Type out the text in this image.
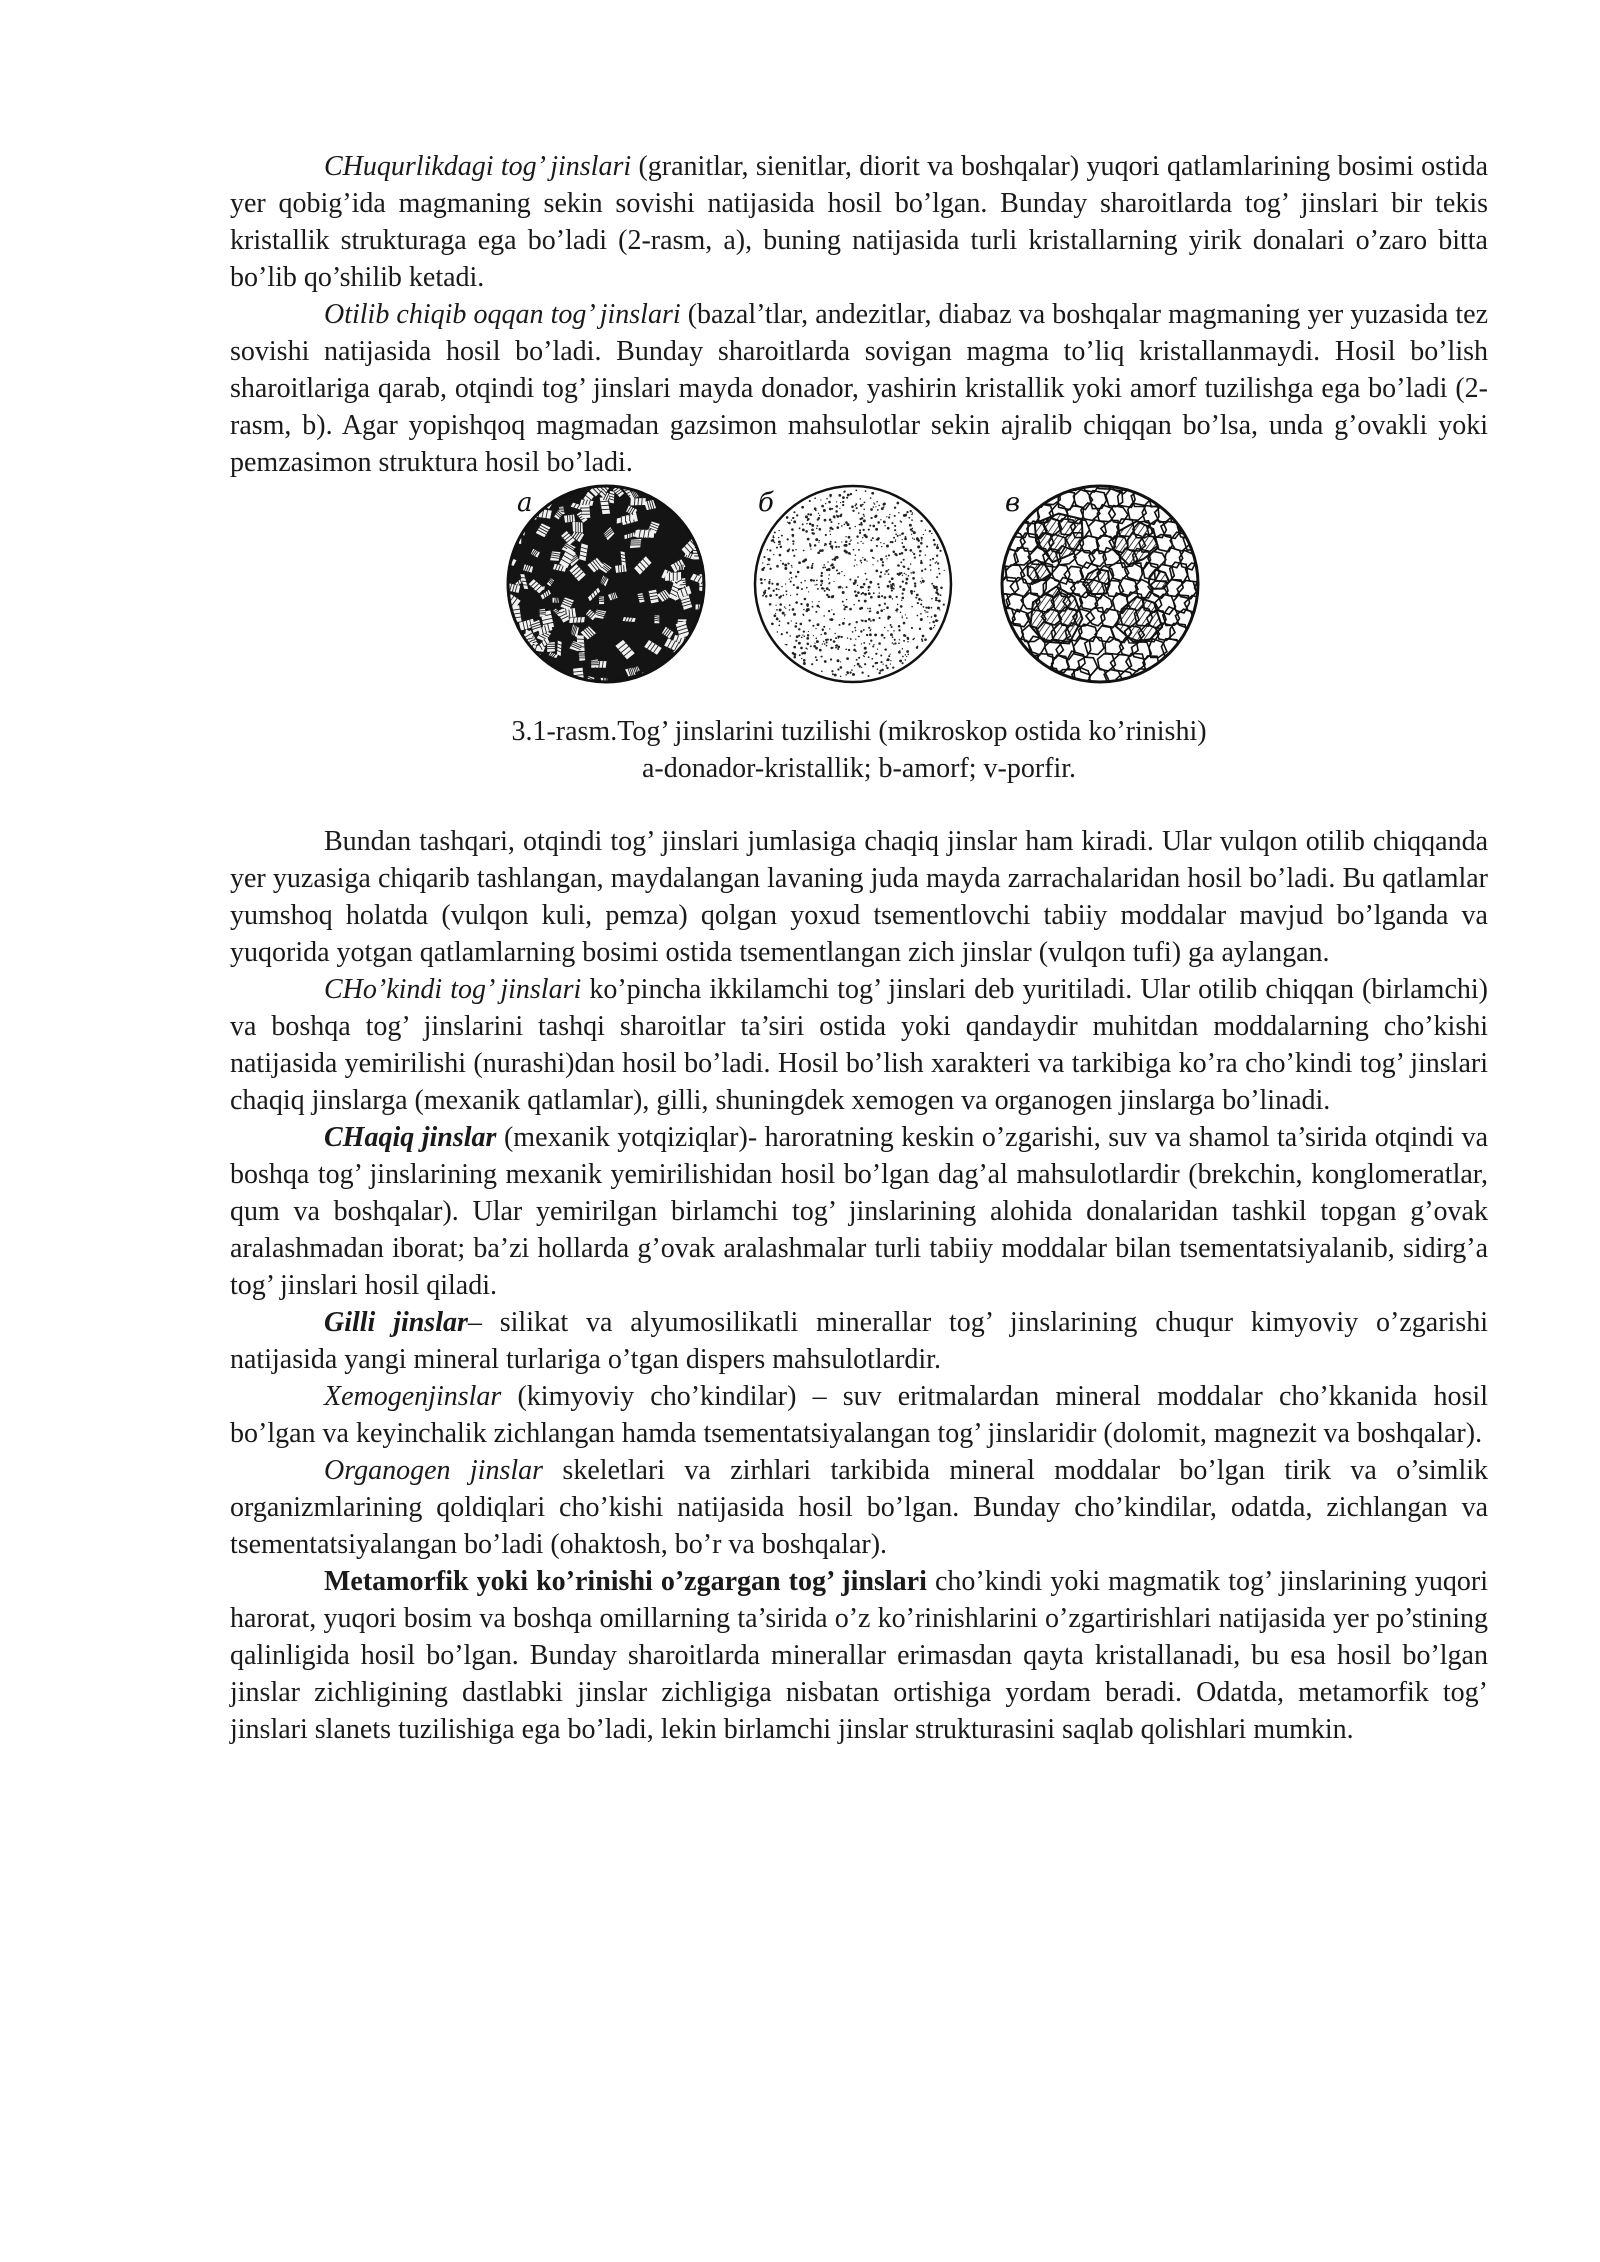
CHuqurlikdagi tog’ jinslari (granitlar, sienitlar, diorit va boshqalar) yuqori qatlamlarining bosimi ostida yer qobig’ida magmaning sekin sovishi natijasida hosil bo’lgan. Bunday sharoitlarda tog’ jinslari bir tekis kristallik strukturaga ega bo’ladi (2-rasm, a), buning natijasida turli kristallarning yirik donalari o’zaro bitta bo’lib qo’shilib ketadi.

Otilib chiqib oqqan tog’ jinslari (bazal’tlar, andezitlar, diabaz va boshqalar magmaning yer yuzasida tez sovishi natijasida hosil bo’ladi. Bunday sharoitlarda sovigan magma to’liq kristallanmaydi. Hosil bo’lish sharoitlariga qarab, otqindi tog’ jinslari mayda donador, yashirin kristallik yoki amorf tuzilishga ega bo’ladi (2-rasm, b). Agar yopishqoq magmadan gazsimon mahsulotlar sekin ajralib chiqqan bo’lsa, unda g’ovakli yoki pemzasimon struktura hosil bo’ladi.

а	б	в

3.1-rasm.Tog’ jinslarini tuzilishi (mikroskop ostida ko’rinishi)

a-donador-kristallik; b-amorf; v-porfir.

Bundan tashqari, otqindi tog’ jinslari jumlasiga chaqiq jinslar ham kiradi. Ular vulqon otilib chiqqanda yer yuzasiga chiqarib tashlangan, maydalangan lavaning juda mayda zarrachalaridan hosil bo’ladi. Bu qatlamlar yumshoq holatda (vulqon kuli, pemza) qolgan yoxud tsementlovchi tabiiy moddalar mavjud bo’lganda va yuqorida yotgan qatlamlarning bosimi ostida tsementlangan zich jinslar (vulqon tufi) ga aylangan.

CHo’kindi tog’ jinslari ko’pincha ikkilamchi tog’ jinslari deb yuritiladi. Ular otilib chiqqan (birlamchi) va boshqa tog’ jinslarini tashqi sharoitlar ta’siri ostida yoki qandaydir muhitdan moddalarning cho’kishi natijasida yemirilishi (nurashi)dan hosil bo’ladi. Hosil bo’lish xarakteri va tarkibiga ko’ra cho’kindi tog’ jinslari chaqiq jinslarga (mexanik qatlamlar), gilli, shuningdek xemogen va organogen jinslarga bo’linadi.

CHaqiq jinslar (mexanik yotqiziqlar)- haroratning keskin o’zgarishi, suv va shamol ta’sirida otqindi va boshqa tog’ jinslarining mexanik yemirilishidan hosil bo’lgan dag’al mahsulotlardir (brekchin, konglomeratlar, qum va boshqalar). Ular yemirilgan birlamchi tog’ jinslarining alohida donalaridan tashkil topgan g’ovak aralashmadan iborat; ba’zi hollarda g’ovak aralashmalar turli tabiiy moddalar bilan tsementatsiyalanib, sidirg’a tog’ jinslari hosil qiladi.

Gilli jinslar– silikat va alyumosilikatli minerallar tog’ jinslarining chuqur kimyoviy o’zgarishi natijasida yangi mineral turlariga o’tgan dispers mahsulotlardir.

Xemogenjinslar (kimyoviy cho’kindilar) – suv eritmalardan mineral moddalar cho’kkanida hosil bo’lgan va keyinchalik zichlangan hamda tsementatsiyalangan tog’ jinslaridir (dolomit, magnezit va boshqalar).

Organogen jinslar skeletlari va zirhlari tarkibida mineral moddalar bo’lgan tirik va o’simlik organizmlarining qoldiqlari cho’kishi natijasida hosil bo’lgan. Bunday cho’kindilar, odatda, zichlangan va tsementatsiyalangan bo’ladi (ohaktosh, bo’r va boshqalar).

Metamorfik yoki ko’rinishi o’zgargan tog’ jinslari cho’kindi yoki magmatik tog’ jinslarining yuqori harorat, yuqori bosim va boshqa omillarning ta’sirida o’z ko’rinishlarini o’zgartirishlari natijasida yer po’stining qalinligida hosil bo’lgan. Bunday sharoitlarda minerallar erimasdan qayta kristallanadi, bu esa hosil bo’lgan jinslar zichligining dastlabki jinslar zichligiga nisbatan ortishiga yordam beradi. Odatda, metamorfik tog’ jinslari slanets tuzilishiga ega bo’ladi, lekin birlamchi jinslar strukturasini saqlab qolishlari mumkin.
